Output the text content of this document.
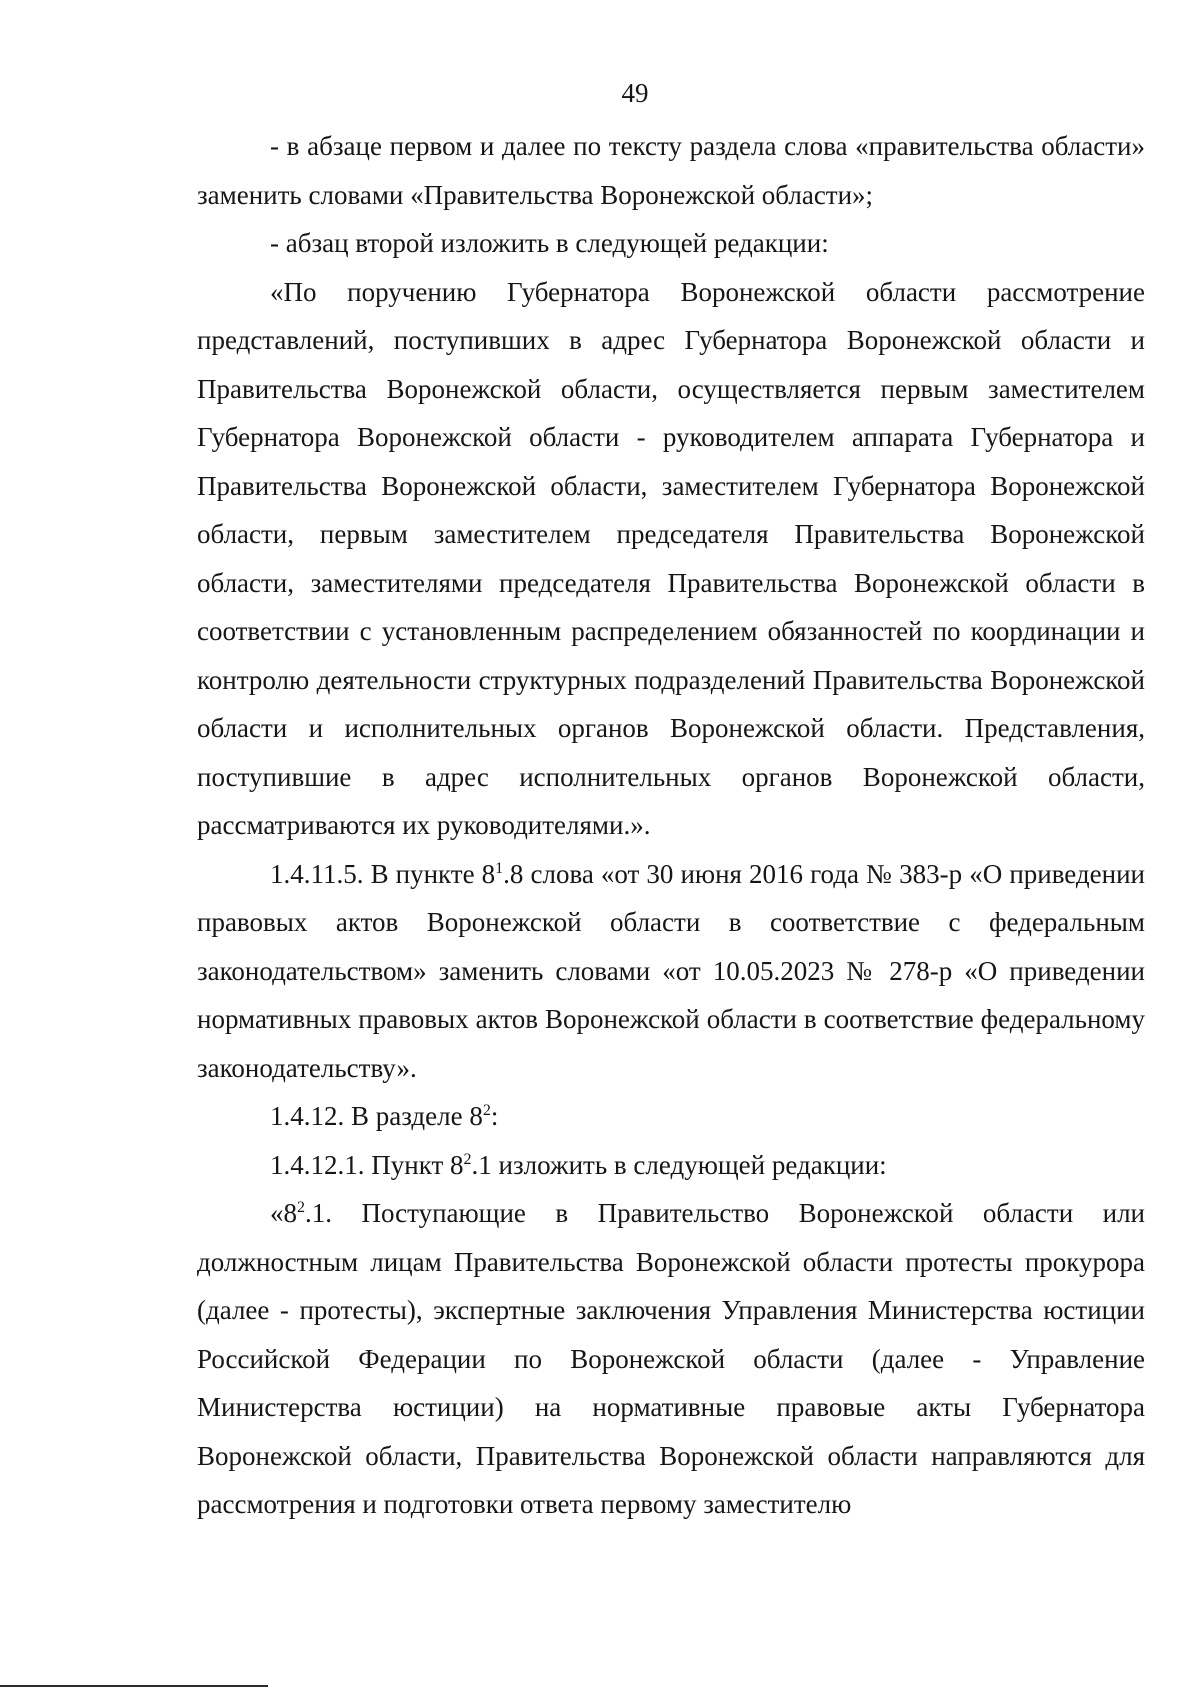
49

- в абзаце первом и далее по тексту раздела слова «правительства области» заменить словами «Правительства Воронежской области»;

- абзац второй изложить в следующей редакции:

«По поручению Губернатора Воронежской области рассмотрение представлений, поступивших в адрес Губернатора Воронежской области и Правительства Воронежской области, осуществляется первым заместителем Губернатора Воронежской области - руководителем аппарата Губернатора и Правительства Воронежской области, заместителем Губернатора Воронежской области, первым заместителем председателя Правительства Воронежской области, заместителями председателя Правительства Воронежской области в соответствии с установленным распределением обязанностей по координации и контролю деятельности структурных подразделений Правительства Воронежской области и исполнительных органов Воронежской области. Представления, поступившие в адрес исполнительных органов Воронежской области, рассматриваются их руководителями.».

1.4.11.5. В пункте $8^1.8$ слова «от 30 июня 2016 года № 383-р «О приведении правовых актов Воронежской области в соответствие с федеральным законодательством» заменить словами «от 10.05.2023 № 278-р «О приведении нормативных правовых актов Воронежской области в соответствие федеральному законодательству».

1.4.12. В разделе $8^2$:

1.4.12.1. Пункт $8^2.1$ изложить в следующей редакции:

«$8^2.1$. Поступающие в Правительство Воронежской области или должностным лицам Правительства Воронежской области протесты прокурора (далее - протесты), экспертные заключения Управления Министерства юстиции Российской Федерации по Воронежской области (далее - Управление Министерства юстиции) на нормативные правовые акты Губернатора Воронежской области, Правительства Воронежской области направляются для рассмотрения и подготовки ответа первому заместителю
